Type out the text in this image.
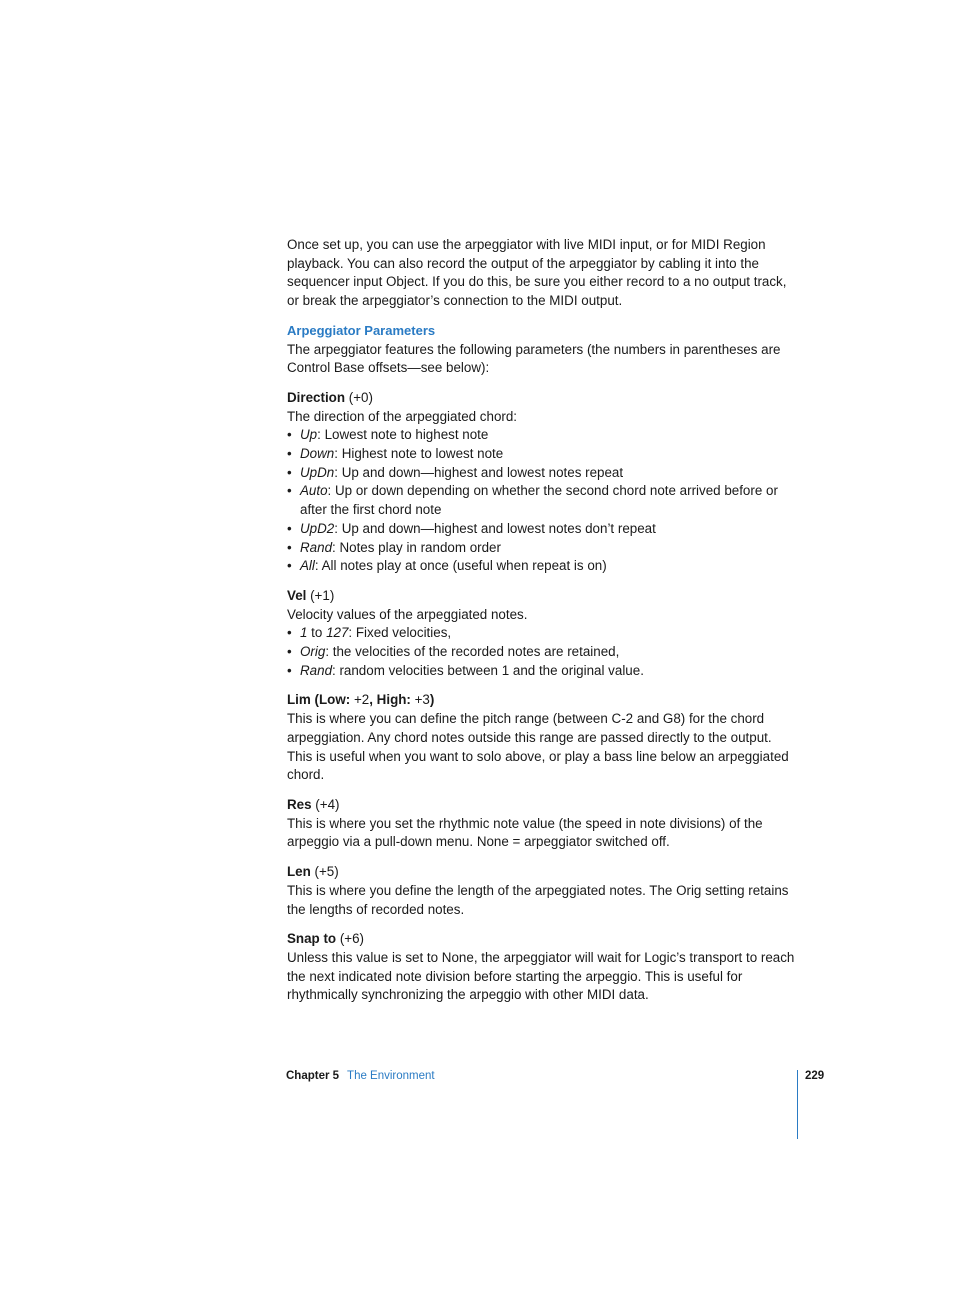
Once set up, you can use the arpeggiator with live MIDI input, or for MIDI Region playback. You can also record the output of the arpeggiator by cabling it into the sequencer input Object. If you do this, be sure you either record to a no output track, or break the arpeggiator’s connection to the MIDI output.

Arpeggiator Parameters

The arpeggiator features the following parameters (the numbers in parentheses are Control Base offsets—see below):

Direction (+0)

The direction of the arpeggiated chord:

• Up: Lowest note to highest note
• Down: Highest note to lowest note
• UpDn: Up and down—highest and lowest notes repeat
• Auto: Up or down depending on whether the second chord note arrived before or after the first chord note
• UpD2: Up and down—highest and lowest notes don’t repeat
• Rand: Notes play in random order
• All: All notes play at once (useful when repeat is on)

Vel (+1)

Velocity values of the arpeggiated notes.

• 1 to 127: Fixed velocities,
• Orig: the velocities of the recorded notes are retained,
• Rand: random velocities between 1 and the original value.

Lim (Low: +2, High: +3)

This is where you can define the pitch range (between C-2 and G8) for the chord arpeggiation. Any chord notes outside this range are passed directly to the output. This is useful when you want to solo above, or play a bass line below an arpeggiated chord.

Res (+4)

This is where you set the rhythmic note value (the speed in note divisions) of the arpeggio via a pull-down menu. None = arpeggiator switched off.

Len (+5)

This is where you define the length of the arpeggiated notes. The Orig setting retains the lengths of recorded notes.

Snap to (+6)

Unless this value is set to None, the arpeggiator will wait for Logic’s transport to reach the next indicated note division before starting the arpeggio. This is useful for rhythmically synchronizing the arpeggio with other MIDI data.

Chapter 5 The Environment	229
